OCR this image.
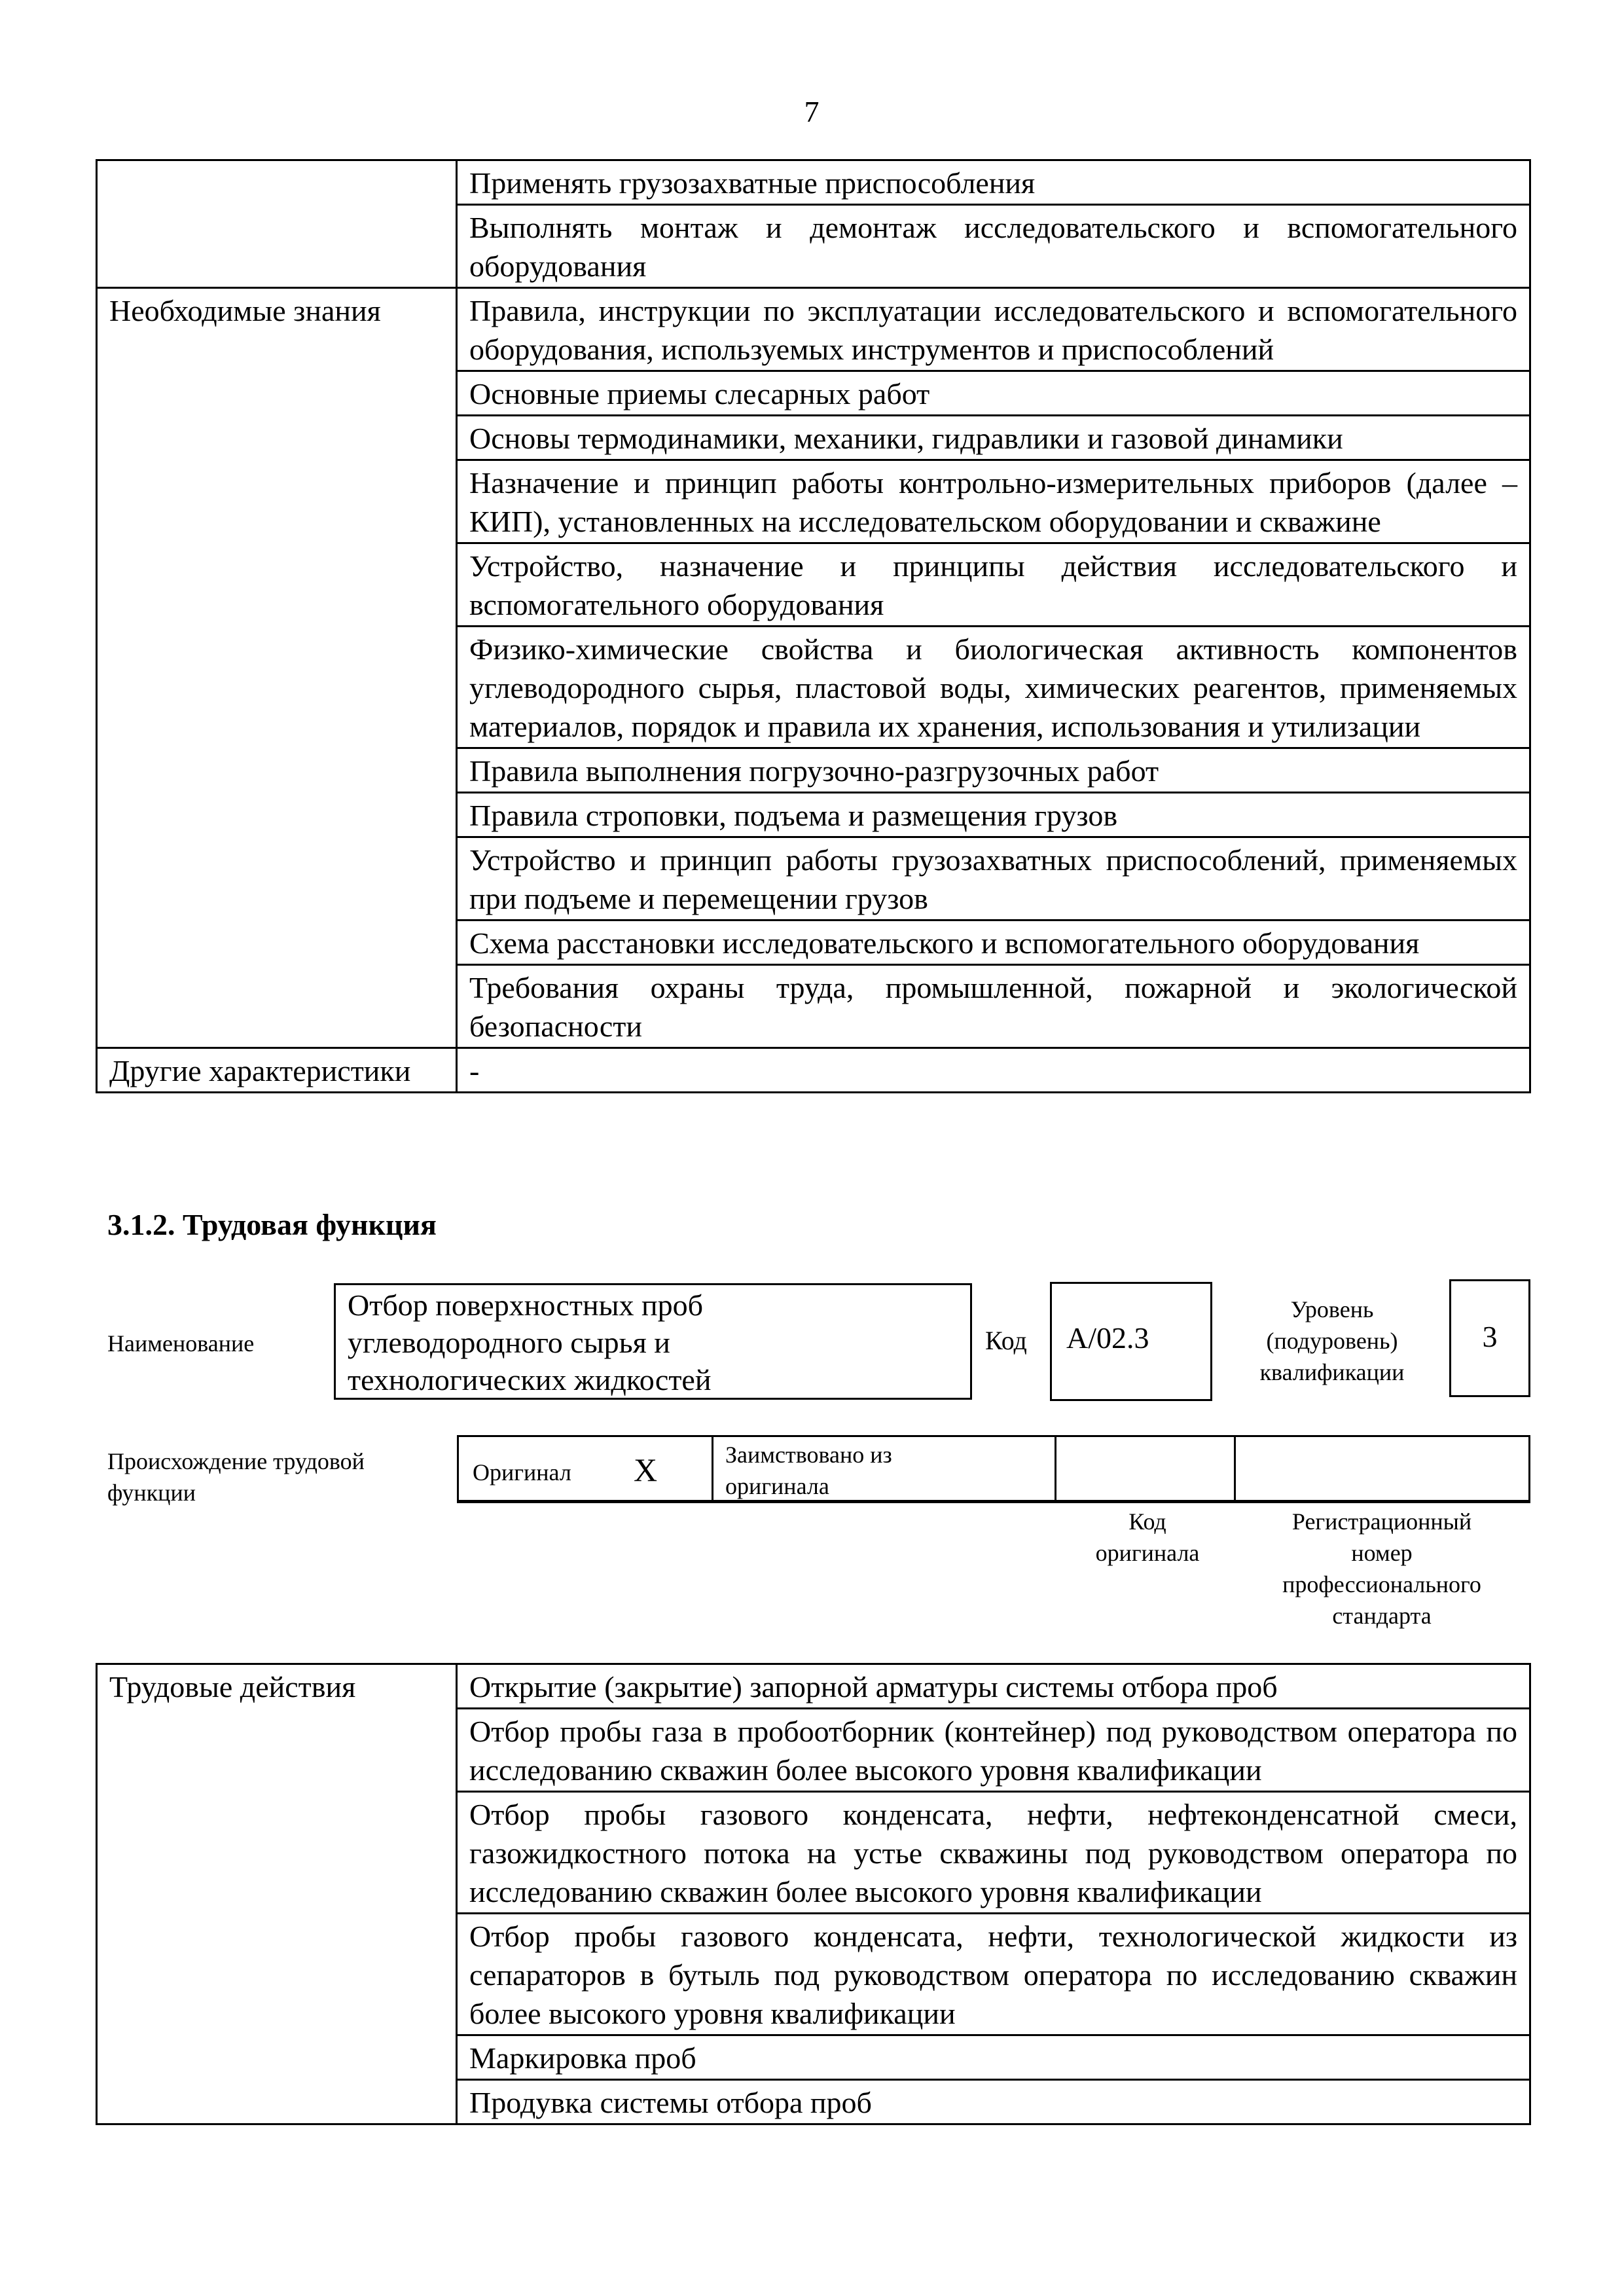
7
	Применять грузозахватные приспособления
	Выполнять монтаж и демонтаж исследовательского и вспомогательного оборудования
Необходимые знания	Правила, инструкции по эксплуатации исследовательского и вспомогательного оборудования, используемых инструментов и приспособлений
	Основные приемы слесарных работ
	Основы термодинамики, механики, гидравлики и газовой динамики
	Назначение и принцип работы контрольно-измерительных приборов (далее – КИП), установленных на исследовательском оборудовании и скважине
	Устройство, назначение и принципы действия исследовательского и вспомогательного оборудования
	Физико-химические свойства и биологическая активность компонентов углеводородного сырья, пластовой воды, химических реагентов, применяемых материалов, порядок и правила их хранения, использования и утилизации
	Правила выполнения погрузочно-разгрузочных работ
	Правила строповки, подъема и размещения грузов
	Устройство и принцип работы грузозахватных приспособлений, применяемых при подъеме и перемещении грузов
	Схема расстановки исследовательского и вспомогательного оборудования
	Требования охраны труда, промышленной, пожарной и экологической безопасности
Другие характеристики	-
3.1.2. Трудовая функция
Наименование
Отбор поверхностных проб
углеводородного сырья и
технологических жидкостей
Код	А/02.3
Уровень
(подуровень)
квалификации
3
Происхождение трудовой
функции
Оригинал X	Заимствовано из
оригинала
Код
оригинала
Регистрационный
номер
профессионального
стандарта
Трудовые действия	Открытие (закрытие) запорной арматуры системы отбора проб
Отбор пробы газа в пробоотборник (контейнер) под руководством оператора по исследованию скважин более высокого уровня квалификации
Отбор пробы газового конденсата, нефти, нефтеконденсатной смеси, газожидкостного потока на устье скважины под руководством оператора по исследованию скважин более высокого уровня квалификации
Отбор пробы газового конденсата, нефти, технологической жидкости из сепараторов в бутыль под руководством оператора по исследованию скважин более высокого уровня квалификации
Маркировка проб
Продувка системы отбора проб
